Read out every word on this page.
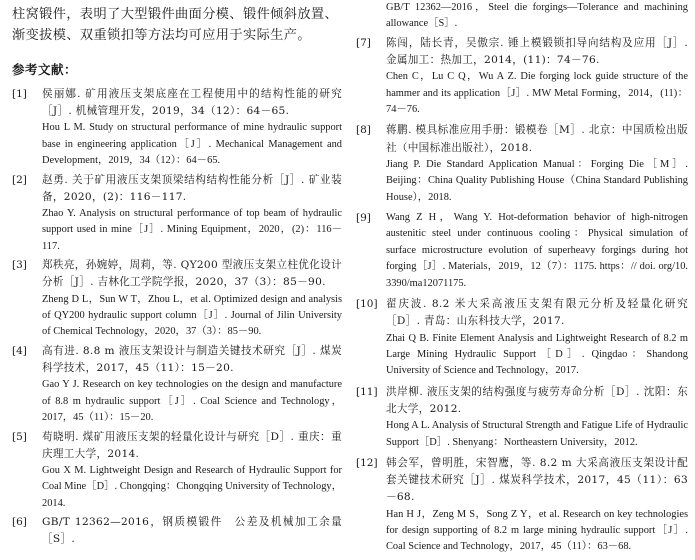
柱窝锻件，表明了大型锻件曲面分模、锻件倾斜放置、渐变拔模、双重锁扣等方法均可应用于实际生产。
参考文献：
[1]	侯丽娜. 矿用液压支架底座在工程使用中的结构性能的研究［J］. 机械管理开发，2019，34（12）：64－65.
Hou L M. Study on structural performance of mine hydraulic support base in engineering application［J］. Mechanical Management and Development，2019，34（12）：64－65.
[2]	赵勇. 关于矿用液压支架顶梁结构结构性能分析［J］. 矿业装备，2020，(2)：116－117.
Zhao Y. Analysis on structural performance of top beam of hydraulic support used in mine［J］. Mining Equipment，2020，(2)：116－117.
[3]	郑秩亮，孙婉婷，周莉，等. QY200 型液压支架立柱优化设计分析［J］. 吉林化工学院学报，2020，37（3）：85－90.
Zheng D L，Sun W T，Zhou L，et al. Optimized design and analysis of QY200 hydraulic support column［J］. Journal of Jilin University of Chemical Technology，2020，37（3）：85－90.
[4]	高有进. 8.8 m 液压支架设计与制造关键技术研究［J］. 煤炭科学技术，2017，45（11）：15－20.
Gao Y J. Research on key technologies on the design and manufacture of 8.8 m hydraulic support［J］. Coal Science and Technology，2017，45（11）：15－20.
[5]	苟晓明. 煤矿用液压支架的轻量化设计与研究［D］. 重庆：重庆理工大学，2014.
Gou X M. Lightweight Design and Research of Hydraulic Support for Coal Mine［D］. Chongqing：Chongqing University of Technology，2014.
[6]	GB/T 12362—2016，钢质模锻件　公差及机械加工余量［S］.
GB/T 12362—2016，Steel die forgings—Tolerance and machining allowance［S］.
[7]	陈闯，陆长青，吴傲宗. 锤上模锻锁扣导向结构及应用［J］. 金属加工：热加工，2014，(11)：74－76.
Chen C，Lu C Q，Wu A Z. Die forging lock guide structure of the hammer and its application［J］. MW Metal Forming，2014，(11)：74－76.
[8]	蒋鹏. 模具标准应用手册：锻模卷［M］. 北京：中国质检出版社（中国标准出版社），2018.
Jiang P. Die Standard Application Manual：Forging Die［M］. Beijing：China Quality Publishing House（China Standard Publishing House），2018.
[9]	Wang Z H，Wang Y. Hot-deformation behavior of high-nitrogen austenitic steel under continuous cooling：Physical simulation of surface microstructure evolution of superheavy forgings during hot forging［J］. Materials，2019，12（7）：1175. https：// doi. org/10. 3390/ma12071175.
[10] 翟庆波. 8.2 米大采高液压支架有限元分析及轻量化研究［D］. 青岛：山东科技大学，2017.
Zhai Q B. Finite Element Analysis and Lightweight Research of 8.2 m Large Mining Hydraulic Support［D］. Qingdao：Shandong University of Science and Technology，2017.
[11] 洪岸柳. 液压支架的结构强度与疲劳寿命分析［D］. 沈阳：东北大学，2012.
Hong A L. Analysis of Structural Strength and Fatigue Life of Hydraulic Support［D］. Shenyang：Northeastern University，2012.
[12] 韩会军，曾明胜，宋智鹰，等. 8.2 m 大采高液压支架设计配套关键技术研究［J］. 煤炭科学技术，2017，45（11）：63－68.
Han H J，Zeng M S，Song Z Y，et al. Research on key technologies for design supporting of 8.2 m large mining hydraulic support［J］. Coal Science and Technology，2017，45（11）：63－68.
